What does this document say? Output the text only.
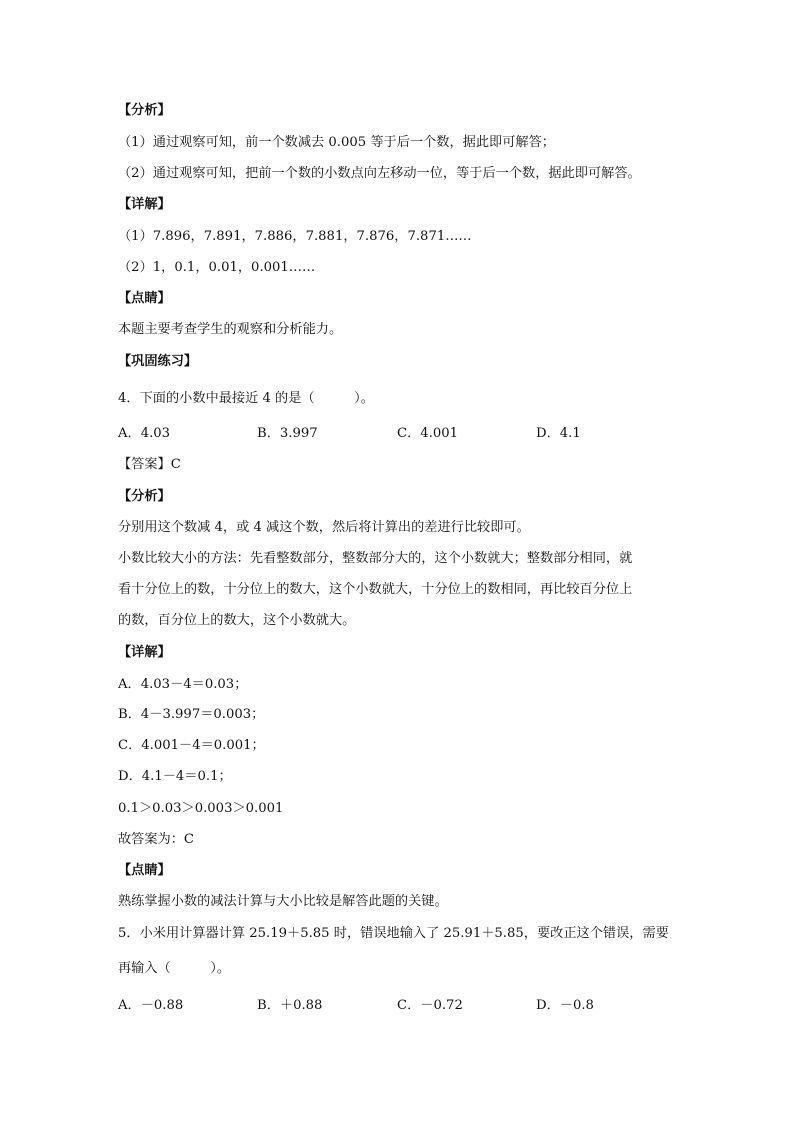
【分析】
（1）通过观察可知，前一个数减去 0.005 等于后一个数，据此即可解答；
（2）通过观察可知，把前一个数的小数点向左移动一位，等于后一个数，据此即可解答。
【详解】
（1）7.896，7.891，7.886，7.881，7.876，7.871……
（2）1，0.1，0.01，0.001……
【点睛】
本题主要考查学生的观察和分析能力。
【巩固练习】
4．下面的小数中最接近 4 的是（　　　）。
A．4.03	B．3.997	C．4.001	D．4.1
【答案】C
【分析】
分别用这个数减 4，或 4 减这个数，然后将计算出的差进行比较即可。
小数比较大小的方法：先看整数部分，整数部分大的，这个小数就大；整数部分相同，就
看十分位上的数，十分位上的数大，这个小数就大，十分位上的数相同，再比较百分位上
的数，百分位上的数大，这个小数就大。
【详解】
A．4.03－4＝0.03；
B．4－3.997＝0.003；
C．4.001－4＝0.001；
D．4.1－4＝0.1；
0.1＞0.03＞0.003＞0.001
故答案为：C
【点睛】
熟练掌握小数的减法计算与大小比较是解答此题的关键。
5．小米用计算器计算 25.19＋5.85 时，错误地输入了 25.91＋5.85，要改正这个错误，需要
再输入（　　　）。
A．－0.88	B．＋0.88	C．－0.72	D．－0.8
